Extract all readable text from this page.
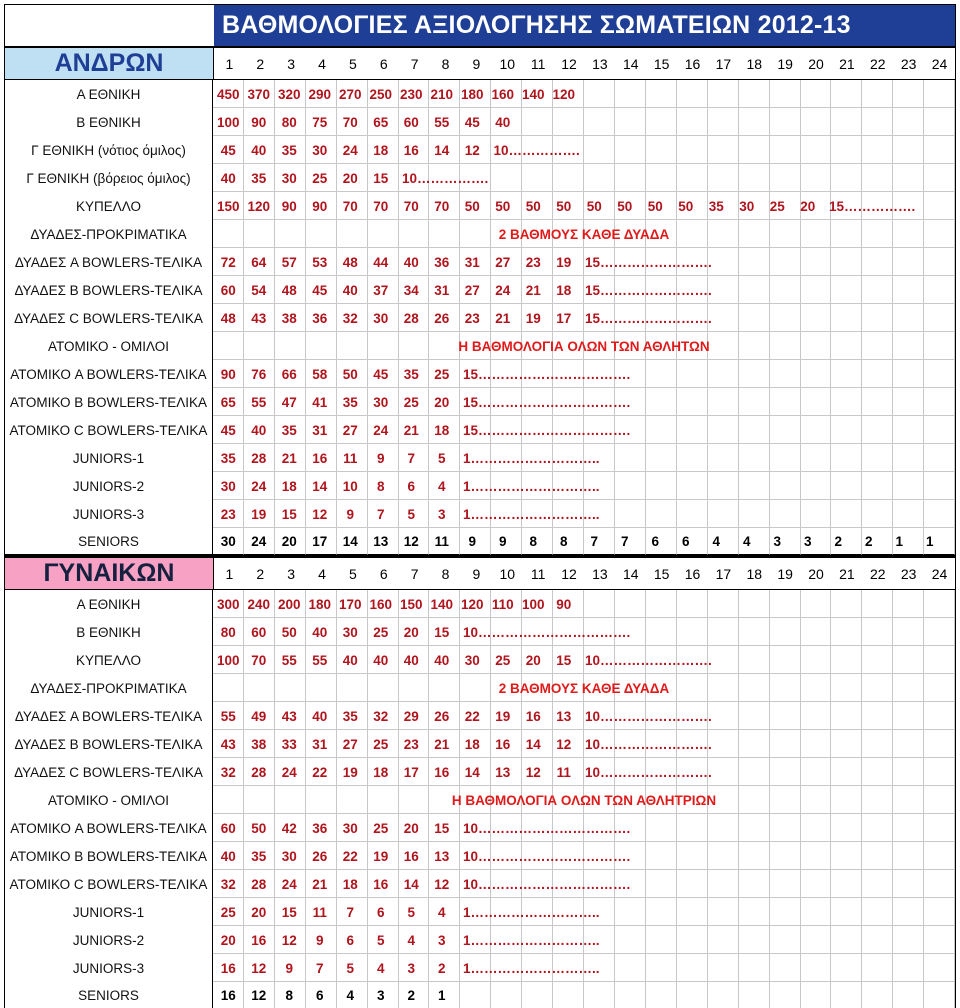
ΒΑΘΜΟΛΟΓΙΕΣ ΑΞΙΟΛΟΓΗΣΗΣ ΣΩΜΑΤΕΙΩΝ 2012-13
ΑΝΔΡΩΝ	1	2	3	4	5	6	7	8	9	10	11	12	13	14	15	16	17	18	19	20	21	22	23	24
Α ΕΘΝΙΚΗ	450 370 320 290 270 250 230 210 180 160 140 120
Β ΕΘΝΙΚΗ	100 90	80	75	70	65	60	55	45	40
Γ ΕΘΝΙΚΗ (νότιος όμιλος)	45	40	35	30	24	18	16	14	12	10…………….
Γ ΕΘΝΙΚΗ (βόρειος όμιλος)	40	35	30	25	20	15	10…………….
ΚΥΠΕΛΛΟ	150 120 90	90	70	70	70	70	50	50	50	50	50	50	50	50	35	30	25	20	15…………….
ΔΥΑΔΕΣ-ΠΡΟΚΡΙΜΑΤΙΚΑ	2 ΒΑΘΜΟΥΣ ΚΑΘΕ ΔΥΑΔΑ
ΔΥΑΔΕΣ A BOWLERS-ΤΕΛΙΚΑ	72	64	57	53	48	44	40	36	31	27	23	19	15…………………….
ΔΥΑΔΕΣ B BOWLERS-ΤΕΛΙΚΑ	60	54	48	45	40	37	34	31	27	24	21	18	15…………………….
ΔΥΑΔΕΣ C BOWLERS-ΤΕΛΙΚΑ	48	43	38	36	32	30	28	26	23	21	19	17	15…………………….
ΑΤΟΜΙΚΟ - ΟΜΙΛΟΙ	Η ΒΑΘΜΟΛΟΓΙΑ ΟΛΩΝ ΤΩΝ ΑΘΛΗΤΩΝ
ΑΤΟΜΙΚΟ A BOWLERS-ΤΕΛΙΚΑ	90	76	66	58	50	45	35	25	15…………………………….
ΑΤΟΜΙΚΟ B BOWLERS-ΤΕΛΙΚΑ	65	55	47	41	35	30	25	20	15…………………………….
ΑΤΟΜΙΚΟ C BOWLERS-ΤΕΛΙΚΑ 45	40	35	31	27	24	21	18	15…………………………….
JUNIORS-1	35	28	21	16	11	9	7	5	1………………………..
JUNIORS-2	30	24	18	14	10	8	6	4	1………………………..
JUNIORS-3	23	19	15	12	9	7	5	3	1………………………..
SENIORS	30	24	20	17	14	13	12	11	9	9	8	8	7	7	6	6	4	4	3	3	2	2	1	1
ΓΥΝΑΙΚΩΝ	1	2	3	4	5	6	7	8	9	10	11	12	13	14	15	16	17	18	19	20	21	22	23	24
Α ΕΘΝΙΚΗ	300 240 200 180 170 160 150 140 120 110 100 90
Β ΕΘΝΙΚΗ	80	60	50	40	30	25	20	15	10…………………………….
ΚΥΠΕΛΛΟ	100 70	55	55	40	40	40	40	30	25	20	15	10…………………….
ΔΥΑΔΕΣ-ΠΡΟΚΡΙΜΑΤΙΚΑ	2 ΒΑΘΜΟΥΣ ΚΑΘΕ ΔΥΑΔΑ
ΔΥΑΔΕΣ A BOWLERS-ΤΕΛΙΚΑ	55	49	43	40	35	32	29	26	22	19	16	13	10…………………….
ΔΥΑΔΕΣ B BOWLERS-ΤΕΛΙΚΑ	43	38	33	31	27	25	23	21	18	16	14	12	10…………………….
ΔΥΑΔΕΣ C BOWLERS-ΤΕΛΙΚΑ	32	28	24	22	19	18	17	16	14	13	12	11	10…………………….
ΑΤΟΜΙΚΟ - ΟΜΙΛΟΙ	Η ΒΑΘΜΟΛΟΓΙΑ ΟΛΩΝ ΤΩΝ ΑΘΛΗΤΡΙΩΝ
ΑΤΟΜΙΚΟ A BOWLERS-ΤΕΛΙΚΑ	60	50	42	36	30	25	20	15	10…………………………….
ΑΤΟΜΙΚΟ B BOWLERS-ΤΕΛΙΚΑ	40	35	30	26	22	19	16	13	10…………………………….
ΑΤΟΜΙΚΟ C BOWLERS-ΤΕΛΙΚΑ 32	28	24	21	18	16	14	12	10…………………………….
JUNIORS-1	25	20	15	11	7	6	5	4	1………………………..
JUNIORS-2	20	16	12	9	6	5	4	3	1………………………..
JUNIORS-3	16	12	9	7	5	4	3	2	1………………………..
SENIORS	16	12	8	6	4	3	2	1
